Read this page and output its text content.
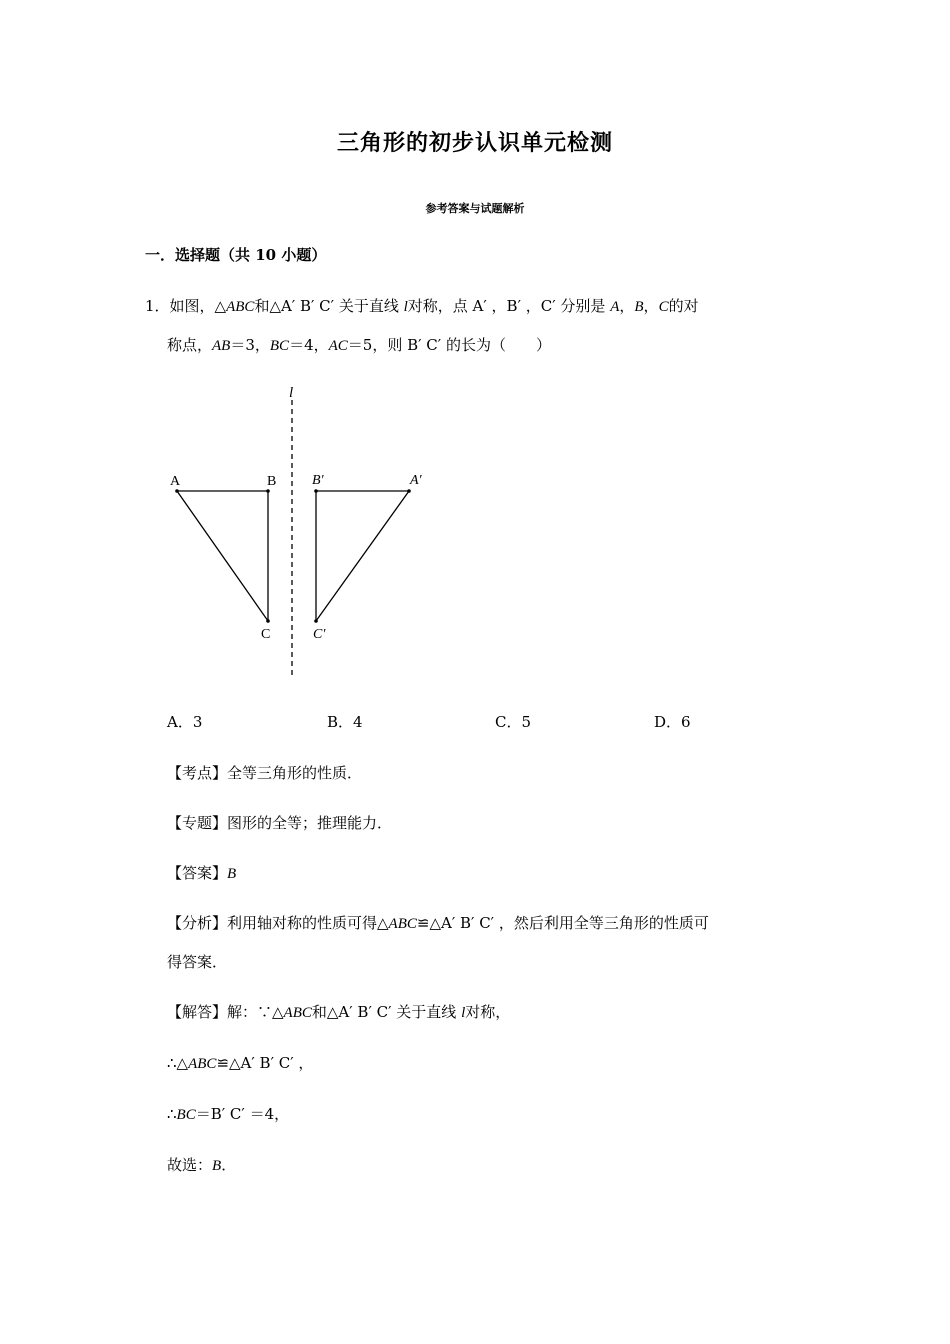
三角形的初步认识单元检测
参考答案与试题解析
一．选择题（共 10 小题）
1．如图，△ABC和△A′ B′ C′ 关于直线 l对称，点 A′ ，B′ ，C′ 分别是 A，B，C的对
称点，AB＝3，BC＝4，AC＝5，则 B′ C′ 的长为（　　）
l
A	B
C
B′	A′
C′
A．3	B．4	C．5	D．6
【考点】全等三角形的性质．
【专题】图形的全等；推理能力．
【答案】B
【分析】利用轴对称的性质可得△ABC≌△A′ B′ C′ ，然后利用全等三角形的性质可
得答案．
【解答】解：∵△ABC和△A′ B′ C′ 关于直线 l对称，
∴△ABC≌△A′ B′ C′ ，
∴BC＝B′ C′ ＝4，
故选：B．
